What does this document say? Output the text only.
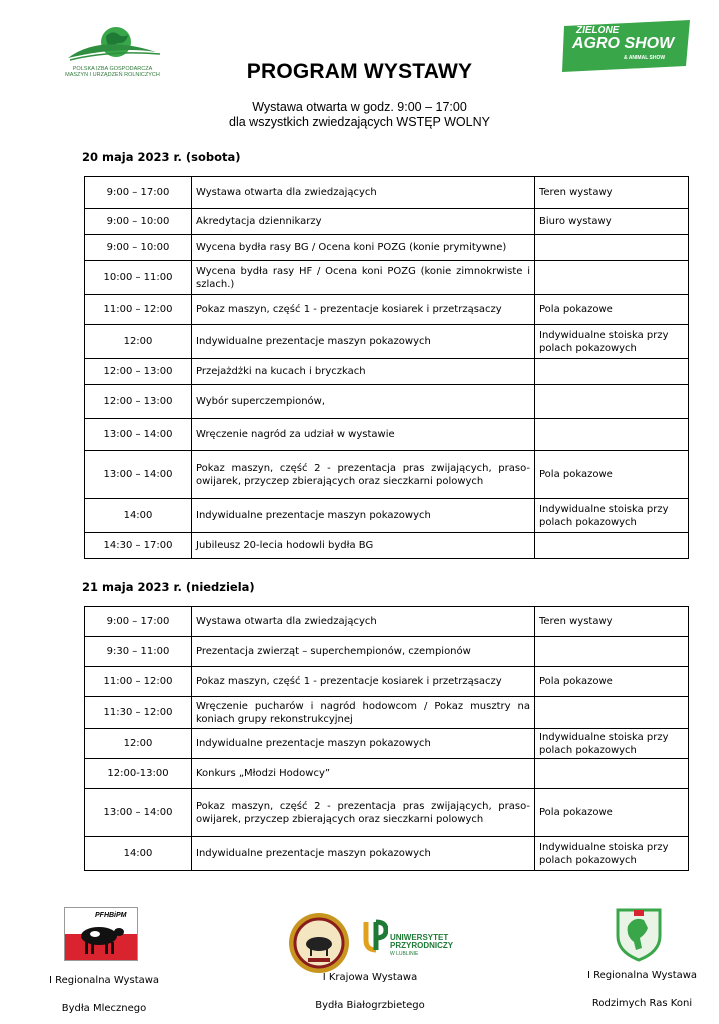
POLSKA IZBA GOSPODARCZA
MASZYN I URZĄDZEŃ ROLNICZYCH
ZIELONE
AGRO SHOW
& ANIMAL SHOW
PROGRAM WYSTAWY
Wystawa otwarta w godz. 9:00 – 17:00
dla wszystkich zwiedzających WSTĘP WOLNY
20 maja 2023 r. (sobota)
9:00 – 17:00	Wystawa otwarta dla zwiedzających	Teren wystawy
9:00 – 10:00	Akredytacja dziennikarzy	Biuro wystawy
9:00 – 10:00	Wycena bydła rasy BG / Ocena koni POZG (konie prymitywne)	
10:00 – 11:00	Wycena bydła rasy HF / Ocena koni POZG (konie zimnokrwiste i szlach.)	
11:00 – 12:00	Pokaz maszyn, część 1 - prezentacje kosiarek i przetrząsaczy	Pola pokazowe
12:00	Indywidualne prezentacje maszyn pokazowych	Indywidualne stoiska przy polach pokazowych
12:00 – 13:00	Przejażdżki na kucach i bryczkach	
12:00 – 13:00	Wybór superczempionów,	
13:00 – 14:00	Wręczenie nagród za udział w wystawie	
13:00 – 14:00	Pokaz maszyn, część 2 - prezentacja pras zwijających, praso-owijarek, przyczep zbierających oraz sieczkarni polowych	Pola pokazowe
14:00	Indywidualne prezentacje maszyn pokazowych	Indywidualne stoiska przy polach pokazowych
14:30 – 17:00	Jubileusz 20-lecia hodowli bydła BG	
21 maja 2023 r. (niedziela)
9:00 – 17:00	Wystawa otwarta dla zwiedzających	Teren wystawy
9:30 – 11:00	Prezentacja zwierząt – superchempionów, czempionów	
11:00 – 12:00	Pokaz maszyn, część 1 - prezentacje kosiarek i przetrząsaczy	Pola pokazowe
11:30 – 12:00	Wręczenie pucharów i nagród hodowcom / Pokaz musztry na koniach grupy rekonstrukcyjnej	
12:00	Indywidualne prezentacje maszyn pokazowych	Indywidualne stoiska przy polach pokazowych
12:00-13:00	Konkurs „Młodzi Hodowcy”	
13:00 – 14:00	Pokaz maszyn, część 2 - prezentacja pras zwijających, praso-owijarek, przyczep zbierających oraz sieczkarni polowych	Pola pokazowe
14:00	Indywidualne prezentacje maszyn pokazowych	Indywidualne stoiska przy polach pokazowych
PFHBiPM
I Regionalna Wystawa
Bydła Mlecznego
UNIWERSYTET
PRZYRODNICZY
W LUBLINIE
I Krajowa Wystawa
Bydła Białogrzbietego
I Regionalna Wystawa
Rodzimych Ras Koni
